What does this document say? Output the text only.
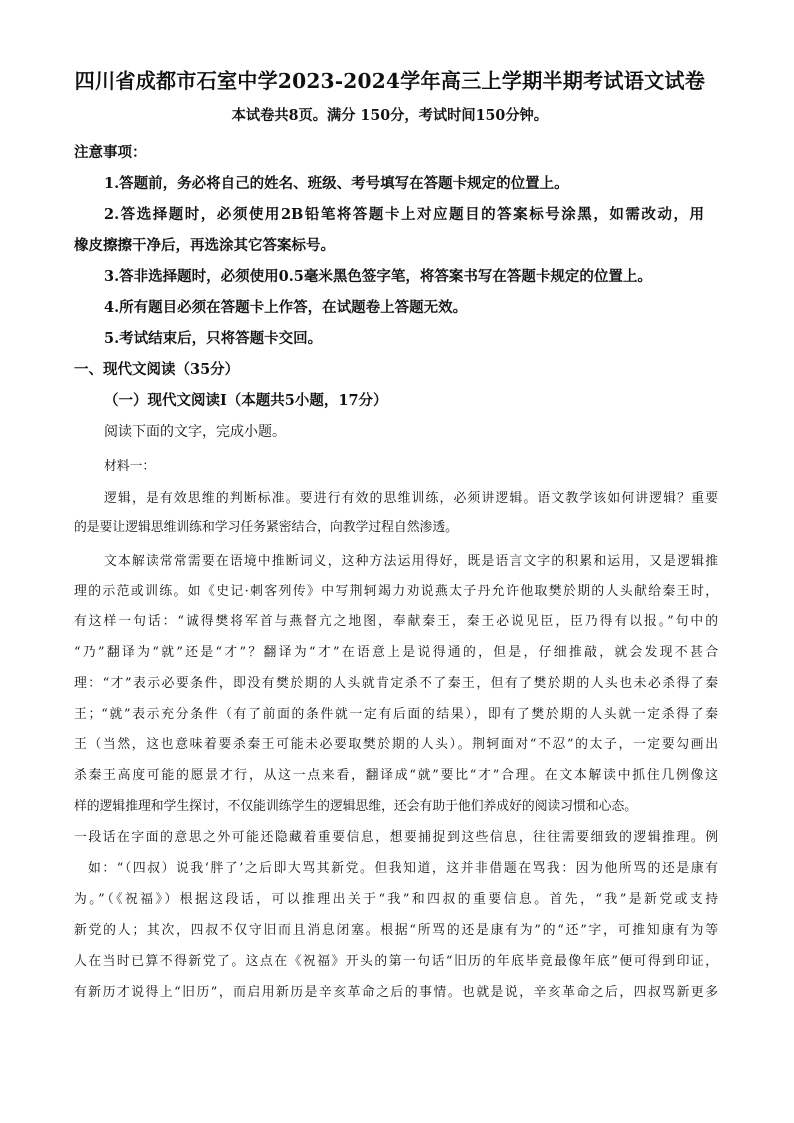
四川省成都市石室中学2023-2024学年高三上学期半期考试语文试卷
本试卷共8页。满分 150分，考试时间150分钟。
注意事项：
1.答题前，务必将自己的姓名、班级、考号填写在答题卡规定的位置上。
2.答选择题时，必须使用2B铅笔将答题卡上对应题目的答案标号涂黑，如需改动，用
橡皮擦擦干净后，再选涂其它答案标号。
3.答非选择题时，必须使用0.5毫米黑色签字笔，将答案书写在答题卡规定的位置上。
4.所有题目必须在答题卡上作答，在试题卷上答题无效。
5.考试结束后，只将答题卡交回。
一、现代文阅读（35分）
（一）现代文阅读Ⅰ（本题共5小题，17分）
阅读下面的文字，完成小题。
材料一：
逻辑，是有效思维的判断标准。要进行有效的思维训练，必须讲逻辑。语文教学该如何讲逻辑？重要
的是要让逻辑思维训练和学习任务紧密结合，向教学过程自然渗透。
文本解读常常需要在语境中推断词义，这种方法运用得好，既是语言文字的积累和运用，又是逻辑推
理的示范或训练。如《史记·刺客列传》中写荆轲竭力劝说燕太子丹允许他取樊於期的人头献给秦王时，
有这样一句话：“诚得樊将军首与燕督亢之地图，奉献秦王，秦王必说见臣，臣乃得有以报。”句中的
“乃”翻译为“就”还是“才”？翻译为“才”在语意上是说得通的，但是，仔细推敲，就会发现不甚合
理：“才”表示必要条件，即没有樊於期的人头就肯定杀不了秦王，但有了樊於期的人头也未必杀得了秦
王；“就”表示充分条件（有了前面的条件就一定有后面的结果），即有了樊於期的人头就一定杀得了秦
王（当然，这也意味着要杀秦王可能未必要取樊於期的人头）。荆轲面对“不忍”的太子，一定要勾画出
杀秦王高度可能的愿景才行，从这一点来看，翻译成“就”要比“才”合理。在文本解读中抓住几例像这
样的逻辑推理和学生探讨，不仅能训练学生的逻辑思维，还会有助于他们养成好的阅读习惯和心态。
一段话在字面的意思之外可能还隐藏着重要信息，想要捕捉到这些信息，往往需要细致的逻辑推理。例
如：“（四叔）说我‘胖了’之后即大骂其新党。但我知道，这并非借题在骂我：因为他所骂的还是康有
为。”（《祝福》）根据这段话，可以推理出关于“我”和四叔的重要信息。首先，“我”是新党或支持
新党的人；其次，四叔不仅守旧而且消息闭塞。根据“所骂的还是康有为”的“还”字，可推知康有为等
人在当时已算不得新党了。这点在《祝福》开头的第一句话“旧历的年底毕竟最像年底”便可得到印证，
有新历才说得上“旧历”，而启用新历是辛亥革命之后的事情。也就是说，辛亥革命之后，四叔骂新更多
